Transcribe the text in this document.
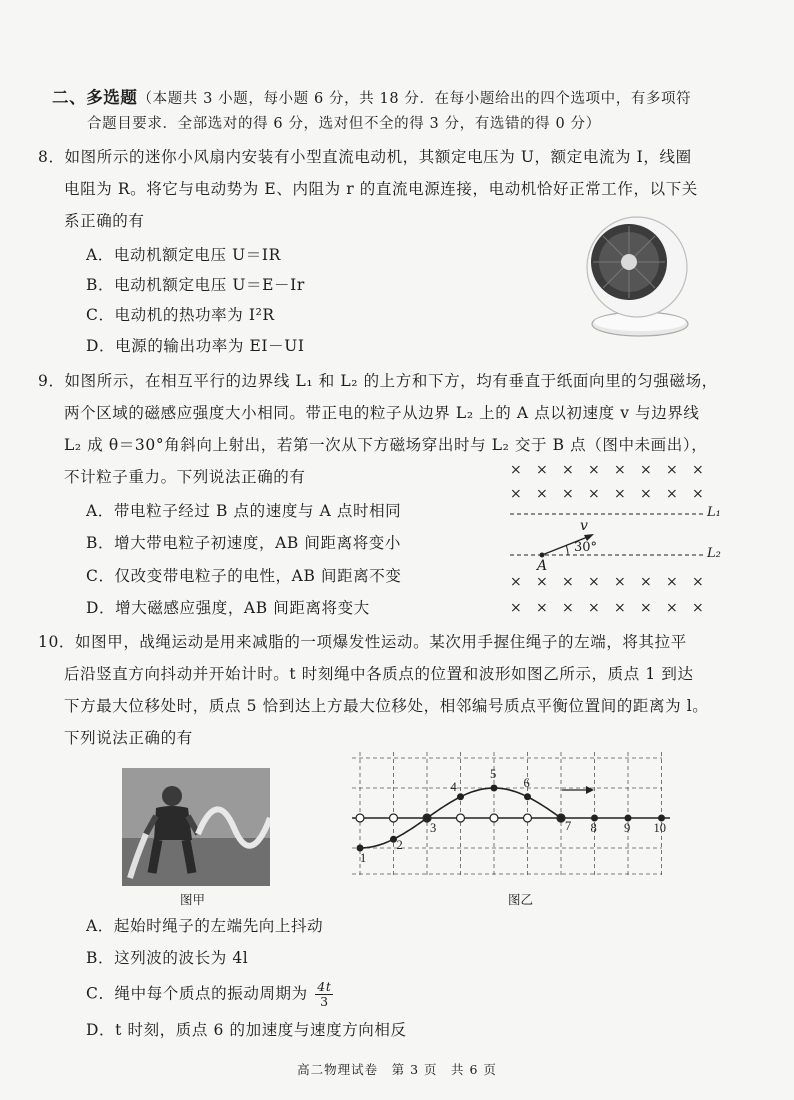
二、多选题（本题共 3 小题，每小题 6 分，共 18 分．在每小题给出的四个选项中，有多项符
合题目要求．全部选对的得 6 分，选对但不全的得 3 分，有选错的得 0 分）
8．如图所示的迷你小风扇内安装有小型直流电动机，其额定电压为 U，额定电流为 I，线圈
电阻为 R。将它与电动势为 E、内阻为 r 的直流电源连接，电动机恰好正常工作，以下关
系正确的有
A．电动机额定电压 U＝IR
B．电动机额定电压 U＝E－Ir
C．电动机的热功率为 I²R
D．电源的输出功率为 EI－UI
9．如图所示，在相互平行的边界线 L₁ 和 L₂ 的上方和下方，均有垂直于纸面向里的匀强磁场，
两个区域的磁感应强度大小相同。带正电的粒子从边界 L₂ 上的 A 点以初速度 v 与边界线
L₂ 成 θ＝30°角斜向上射出，若第一次从下方磁场穿出时与 L₂ 交于 B 点（图中未画出），
不计粒子重力。下列说法正确的有
A．带电粒子经过 B 点的速度与 A 点时相同
B．增大带电粒子初速度，AB 间距离将变小
C．仅改变带电粒子的电性，AB 间距离不变
D．增大磁感应强度，AB 间距离将变大
× × × × × × × ×
× × × × × × × ×
× × × × × × × ×
× × × × × × × ×
L₁
L₂
v
30°
A
10．如图甲，战绳运动是用来减脂的一项爆发性运动。某次用手握住绳子的左端，将其拉平
后沿竖直方向抖动并开始计时。t 时刻绳中各质点的位置和波形如图乙所示，质点 1 到达
下方最大位移处时，质点 5 恰到达上方最大位移处，相邻编号质点平衡位置间的距离为 l。
下列说法正确的有
图甲
1
2
3
4
5
6
7 8 9 10
图乙
A．起始时绳子的左端先向上抖动
B．这列波的波长为 4l
C．绳中每个质点的振动周期为 $\frac{4t}{3}$
D．t 时刻，质点 6 的加速度与速度方向相反
高二物理试卷　第 3 页　共 6 页
